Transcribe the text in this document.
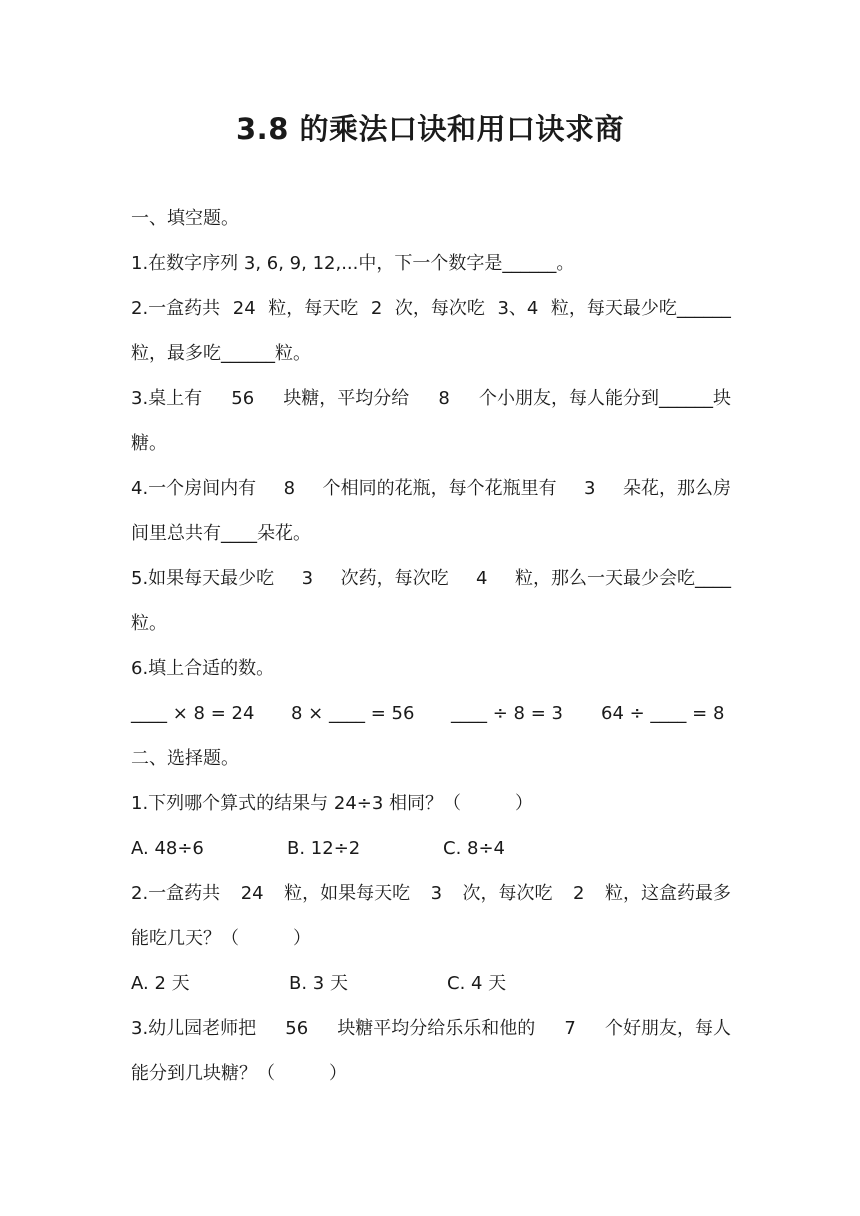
3.8 的乘法口诀和用口诀求商
一、填空题。
1.在数字序列 3, 6, 9, 12,...中，下一个数字是______。
2.一盒药共 24 粒，每天吃 2 次，每次吃 3、4 粒，每天最少吃______
粒，最多吃______粒。
3.桌上有 56 块糖，平均分给 8 个小朋友，每人能分到______块
糖。
4.一个房间内有 8 个相同的花瓶，每个花瓶里有 3 朵花，那么房
间里总共有____朵花。
5.如果每天最少吃 3 次药，每次吃 4 粒，那么一天最少会吃____
粒。
6.填上合适的数。
____ × 8 = 24	8 × ____ = 56	____ ÷ 8 = 3	64 ÷ ____ = 8
二、选择题。
1.下列哪个算式的结果与 24÷3 相同？（　　　）
A. 48÷6	B. 12÷2	C. 8÷4
2.一盒药共 24 粒，如果每天吃 3 次，每次吃 2 粒，这盒药最多
能吃几天？（　　　）
A. 2 天	B. 3 天	C. 4 天
3.幼儿园老师把 56 块糖平均分给乐乐和他的 7 个好朋友，每人
能分到几块糖？（　　　）
